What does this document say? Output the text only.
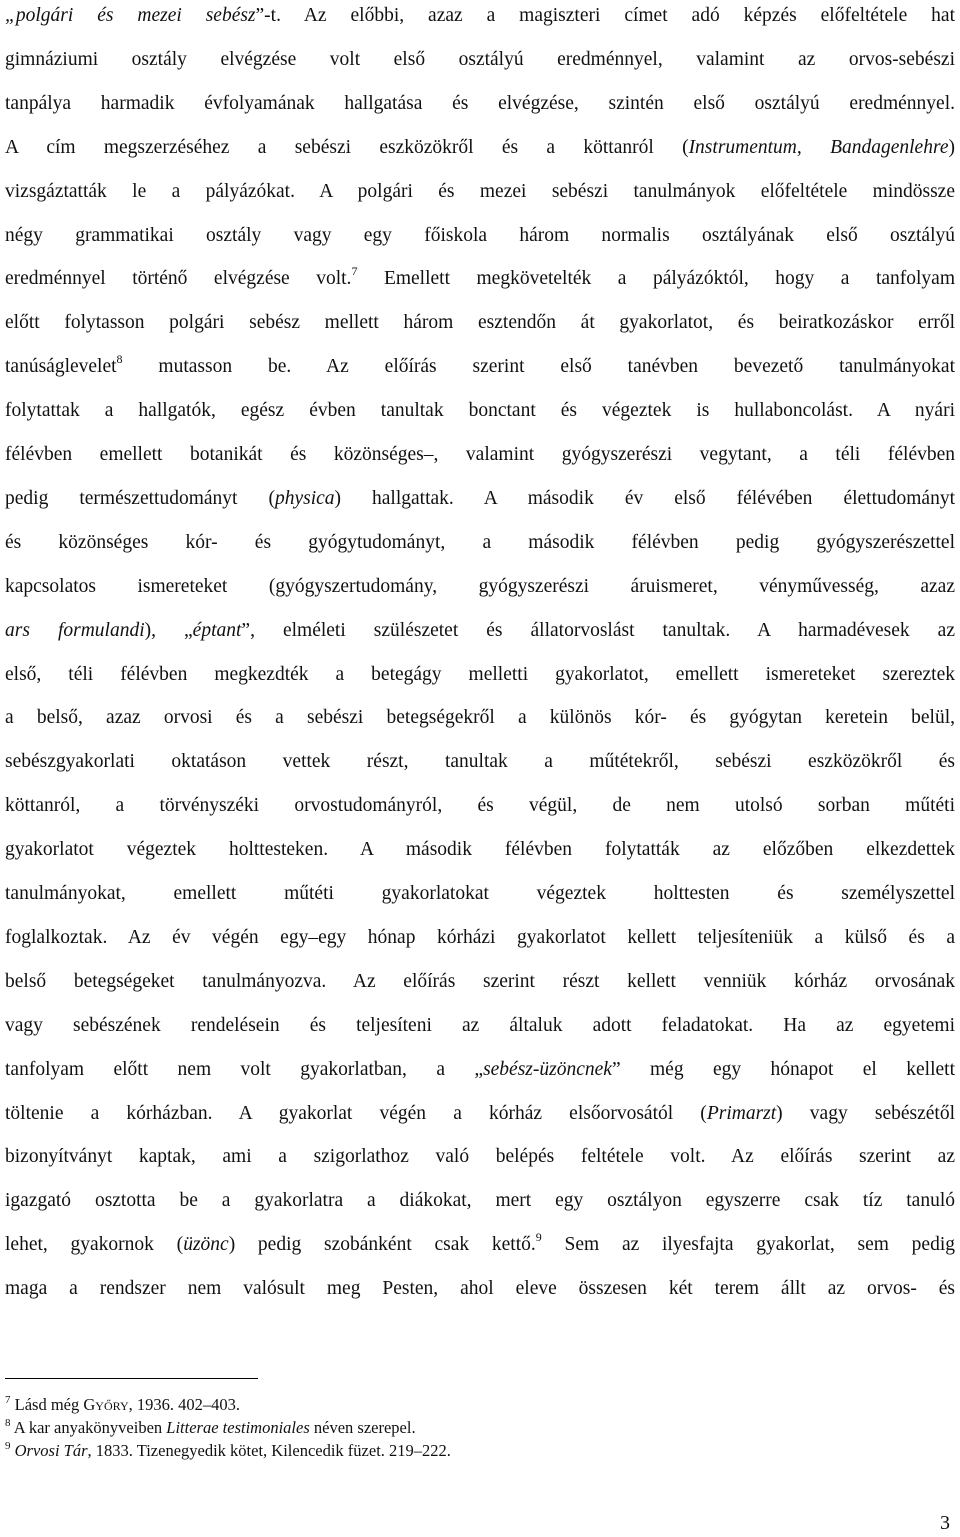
„polgári és mezei sebész”-t. Az előbbi, azaz a magiszteri címet adó képzés előfeltétele hat
gimnáziumi osztály elvégzése volt első osztályú eredménnyel, valamint az orvos-sebészi
tanpálya harmadik évfolyamának hallgatása és elvégzése, szintén első osztályú eredménnyel.
A cím megszerzéséhez a sebészi eszközökről és a köttanról (Instrumentum, Bandagenlehre)
vizsgáztatták le a pályázókat. A polgári és mezei sebészi tanulmányok előfeltétele mindössze
négy grammatikai osztály vagy egy főiskola három normalis osztályának első osztályú
eredménnyel történő elvégzése volt.$^7$ Emellett megkövetelték a pályázóktól, hogy a tanfolyam
előtt folytasson polgári sebész mellett három esztendőn át gyakorlatot, és beiratkozáskor erről
tanúságlevelet$^8$ mutasson be. Az előírás szerint első tanévben bevezető tanulmányokat
folytattak a hallgatók, egész évben tanultak bonctant és végeztek is hullaboncolást. A nyári
félévben emellett botanikát és közönséges–, valamint gyógyszerészi vegytant, a téli félévben
pedig természettudományt (physica) hallgattak. A második év első félévében élettudományt
és közönséges kór- és gyógytudományt, a második félévben pedig gyógyszerészettel
kapcsolatos ismereteket (gyógyszertudomány, gyógyszerészi áruismeret, vényművesség, azaz
ars formulandi), „éptant”, elméleti szülészetet és állatorvoslást tanultak. A harmadévesek az
első, téli félévben megkezdték a betegágy melletti gyakorlatot, emellett ismereteket szereztek
a belső, azaz orvosi és a sebészi betegségekről a különös kór- és gyógytan keretein belül,
sebészgyakorlati oktatáson vettek részt, tanultak a műtétekről, sebészi eszközökről és
köttanról, a törvényszéki orvostudományról, és végül, de nem utolsó sorban műtéti
gyakorlatot végeztek holttesteken. A második félévben folytatták az előzőben elkezdettek
tanulmányokat, emellett műtéti gyakorlatokat végeztek holttesten és személyszettel
foglalkoztak. Az év végén egy–egy hónap kórházi gyakorlatot kellett teljesíteniük a külső és a
belső betegségeket tanulmányozva. Az előírás szerint részt kellett venniük kórház orvosának
vagy sebészének rendelésein és teljesíteni az általuk adott feladatokat. Ha az egyetemi
tanfolyam előtt nem volt gyakorlatban, a „sebész-üzöncnek” még egy hónapot el kellett
töltenie a kórházban. A gyakorlat végén a kórház elsőorvosától (Primarzt) vagy sebészétől
bizonyítványt kaptak, ami a szigorlathoz való belépés feltétele volt. Az előírás szerint az
igazgató osztotta be a gyakorlatra a diákokat, mert egy osztályon egyszerre csak tíz tanuló
lehet, gyakornok (üzönc) pedig szobánként csak kettő.$^9$ Sem az ilyesfajta gyakorlat, sem pedig
maga a rendszer nem valósult meg Pesten, ahol eleve összesen két terem állt az orvos- és
$^7$ Lásd még Győry, 1936. 402–403.
$^8$ A kar anyakönyveiben Litterae testimoniales néven szerepel.
$^9$ Orvosi Tár, 1833. Tizenegyedik kötet, Kilencedik füzet. 219–222.
3
